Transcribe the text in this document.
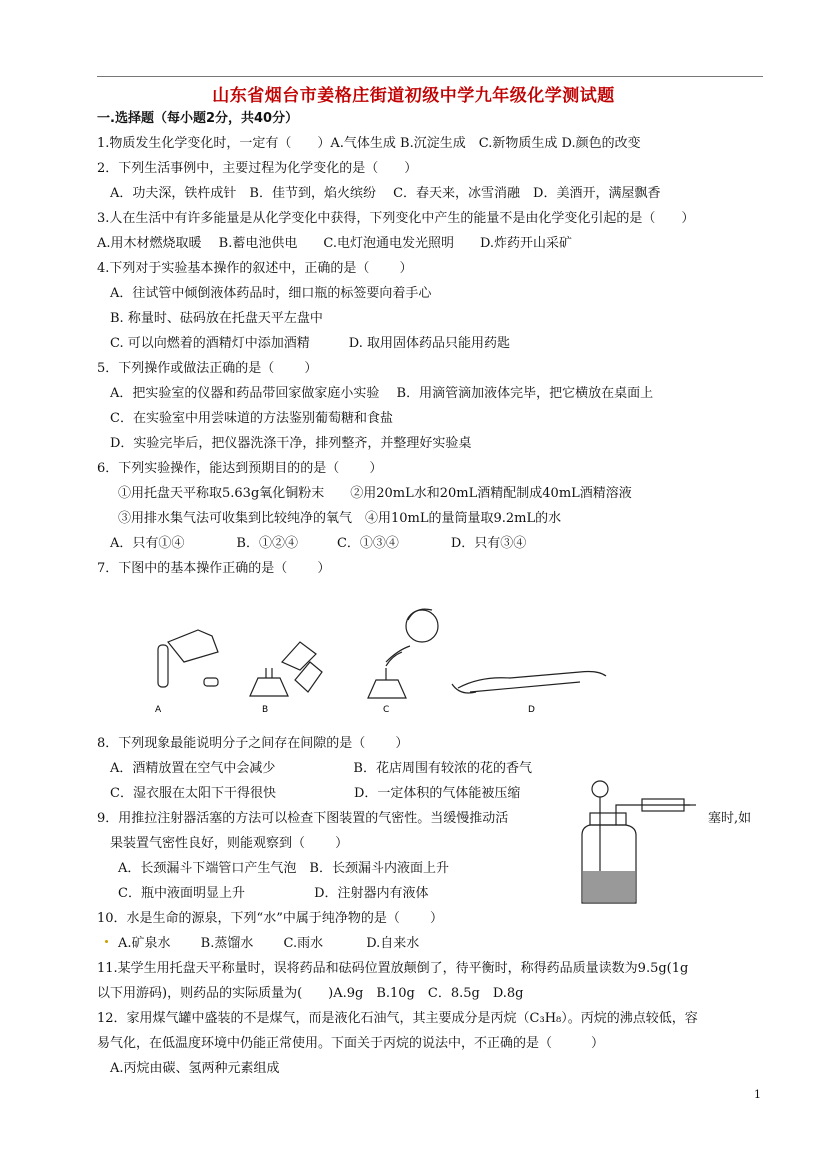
山东省烟台市姜格庄街道初级中学九年级化学测试题
一.选择题（每小题2分，共40分）
1.物质发生化学变化时，一定有（　　）A.气体生成 B.沉淀生成　C.新物质生成 D.颜色的改变
2．下列生活事例中，主要过程为化学变化的是（　　）
A．功夫深，铁杵成针　B．佳节到，焰火缤纷　 C．春天来，冰雪消融　D．美酒开，满屋飘香
3.人在生活中有许多能量是从化学变化中获得，下列变化中产生的能量不是由化学变化引起的是（　　）
A.用木材燃烧取暖　 B.蓄电池供电　　C.电灯泡通电发光照明　　D.炸药开山采矿
4.下列对于实验基本操作的叙述中，正确的是（　　 ）
A．往试管中倾倒液体药品时，细口瓶的标签要向着手心
B. 称量时、砝码放在托盘天平左盘中
C. 可以向燃着的酒精灯中添加酒精　　　D. 取用固体药品只能用药匙
5．下列操作或做法正确的是（　　 ）
A．把实验室的仪器和药品带回家做家庭小实验　 B．用滴管滴加液体完毕，把它横放在桌面上
C．在实验室中用尝味道的方法鉴别葡萄糖和食盐
D．实验完毕后，把仪器洗涤干净，排列整齐，并整理好实验桌
6．下列实验操作，能达到预期目的的是（　　 ）
①用托盘天平称取5.63g氧化铜粉末　　②用20mL水和20mL酒精配制成40mL酒精溶液
③用排水集气法可收集到比较纯净的氧气　④用10mL的量筒量取9.2mL的水
A．只有①④　　　　B．①②④　　　C．①③④　　　　D．只有③④
7．下图中的基本操作正确的是（　　 ）
A	B	C	D
8．下列现象最能说明分子之间存在间隙的是（　　 ）
A．酒精放置在空气中会减少　　　　　　B．花店周围有较浓的花的香气
C．湿衣服在太阳下干得很快　　　　　　D．一定体积的气体能被压缩
9．用推拉注射器活塞的方法可以检查下图装置的气密性。当缓慢推动活	塞时,如
果装置气密性良好，则能观察到（　　 ）
A．长颈漏斗下端管口产生气泡　B．长颈漏斗内液面上升
C．瓶中液面明显上升　　　　　 D．注射器内有液体
10．水是生命的源泉，下列“水”中属于纯净物的是（　　 ）
A.矿泉水　　 B.蒸馏水　　 C.雨水　　　 D.自来水
11.某学生用托盘天平称量时，误将药品和砝码位置放颠倒了，待平衡时，称得药品质量读数为9.5g(1g
以下用游码)，则药品的实际质量为(　　)A.9g　B.10g　C．8.5g　D.8g
12．家用煤气罐中盛装的不是煤气，而是液化石油气，其主要成分是丙烷（C₃H₈）。丙烷的沸点较低，容
易气化，在低温度环境中仍能正常使用。下面关于丙烷的说法中，不正确的是（　　　）
A.丙烷由碳、氢两种元素组成
1
